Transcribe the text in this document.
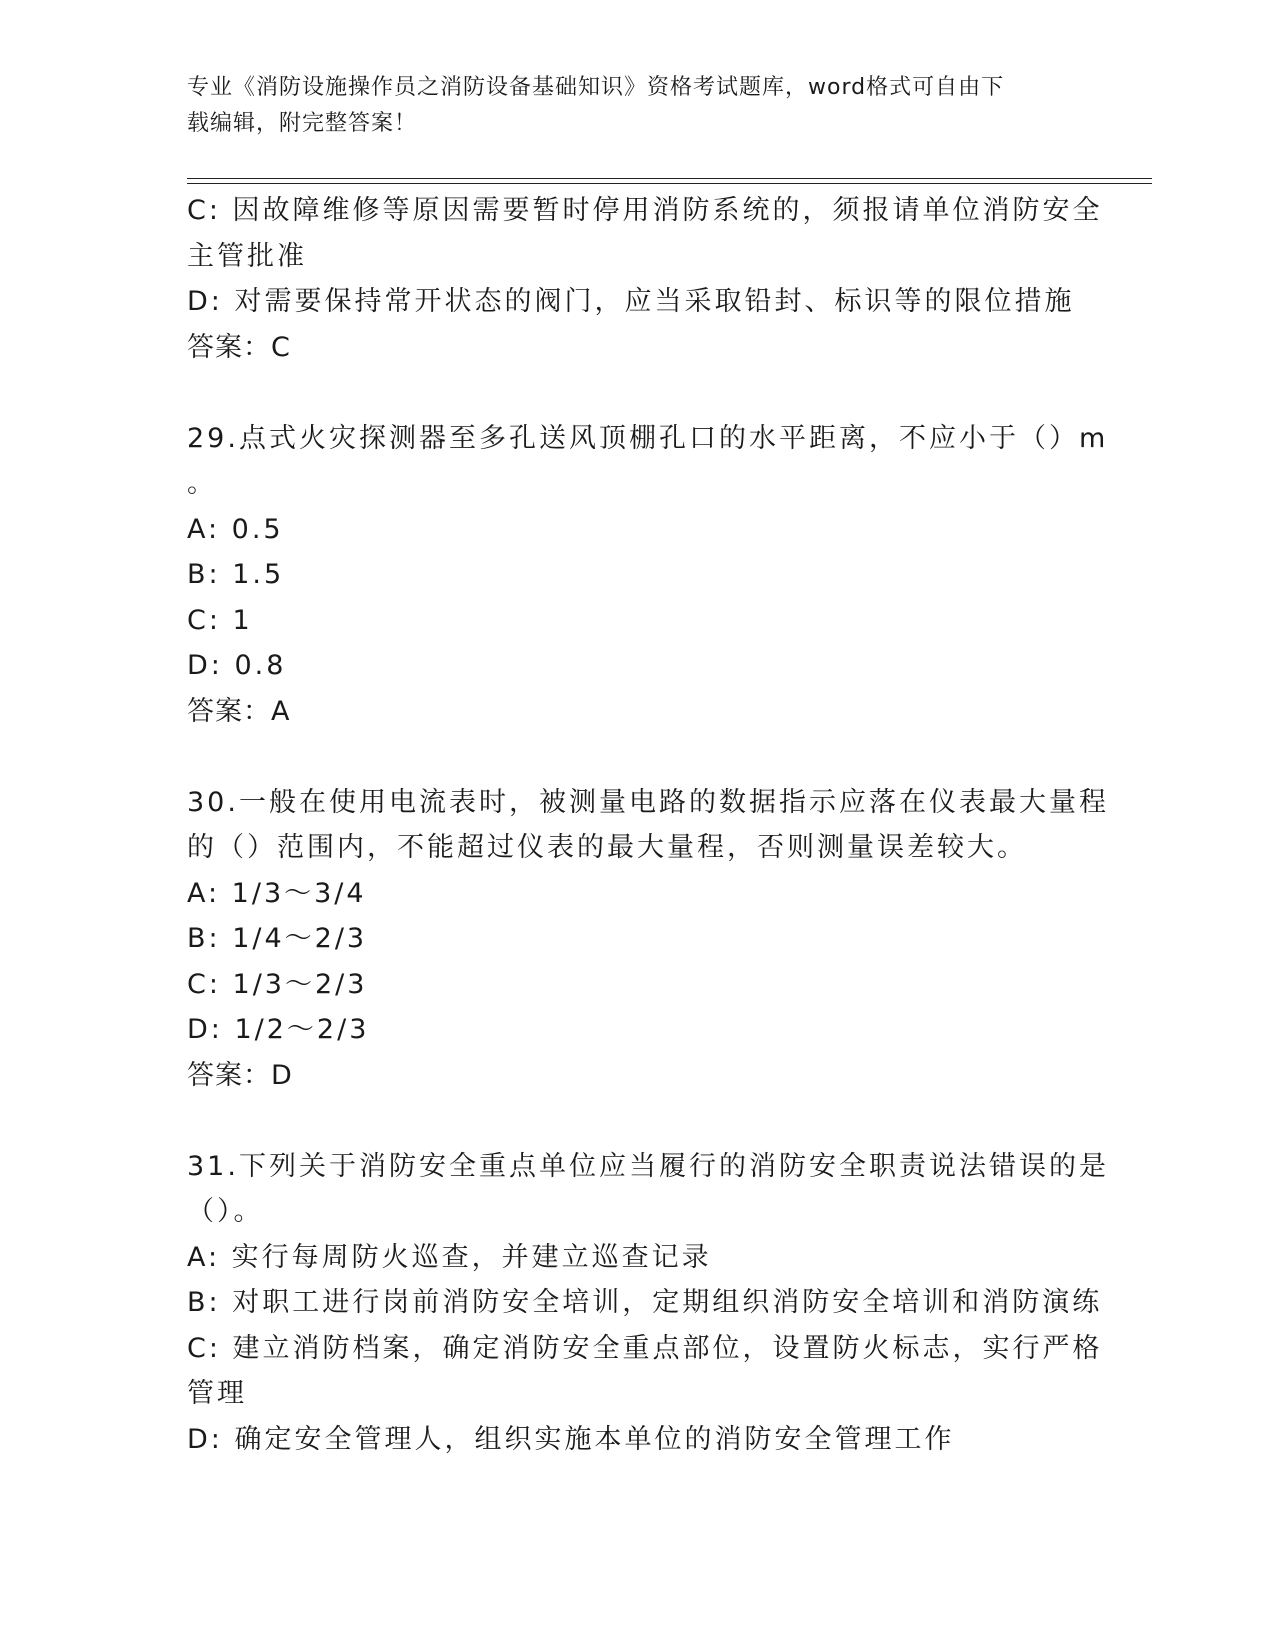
专业《消防设施操作员之消防设备基础知识》资格考试题库，word格式可自由下

载编辑，附完整答案！

C: 因故障维修等原因需要暂时停用消防系统的，须报请单位消防安全

主管批准

D: 对需要保持常开状态的阀门，应当采取铅封、标识等的限位措施

答案：C

29.点式火灾探测器至多孔送风顶棚孔口的水平距离，不应小于（）m

。

A: 0.5

B: 1.5

C: 1

D: 0.8

答案：A

30.一般在使用电流表时，被测量电路的数据指示应落在仪表最大量程

的（）范围内，不能超过仪表的最大量程，否则测量误差较大。

A: 1/3～3/4

B: 1/4～2/3

C: 1/3～2/3

D: 1/2～2/3

答案：D

31.下列关于消防安全重点单位应当履行的消防安全职责说法错误的是

（）。

A: 实行每周防火巡查，并建立巡查记录

B: 对职工进行岗前消防安全培训，定期组织消防安全培训和消防演练

C: 建立消防档案，确定消防安全重点部位，设置防火标志，实行严格

管理

D: 确定安全管理人，组织实施本单位的消防安全管理工作
